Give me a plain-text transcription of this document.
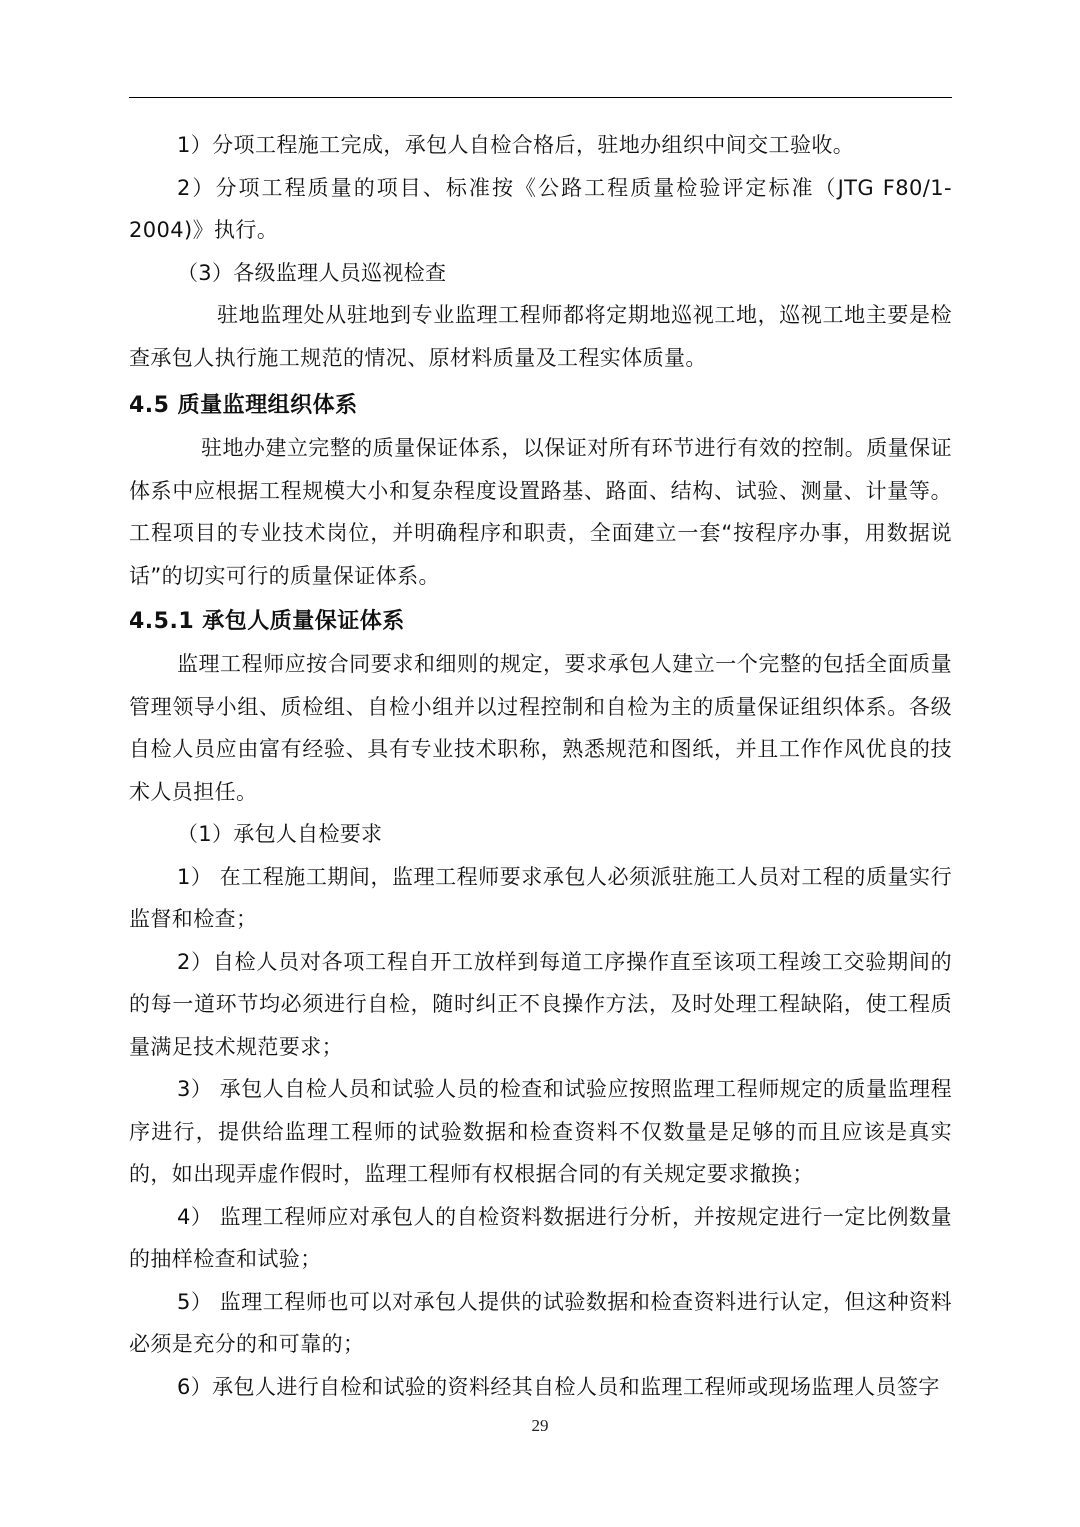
1）分项工程施工完成，承包人自检合格后，驻地办组织中间交工验收。

2）分项工程质量的项目、标准按《公路工程质量检验评定标准（JTG F80/1-2004)》执行。

（3）各级监理人员巡视检查

驻地监理处从驻地到专业监理工程师都将定期地巡视工地，巡视工地主要是检查承包人执行施工规范的情况、原材料质量及工程实体质量。

4.5 质量监理组织体系

驻地办建立完整的质量保证体系，以保证对所有环节进行有效的控制。质量保证体系中应根据工程规模大小和复杂程度设置路基、路面、结构、试验、测量、计量等。工程项目的专业技术岗位，并明确程序和职责，全面建立一套“按程序办事，用数据说话”的切实可行的质量保证体系。

4.5.1 承包人质量保证体系

监理工程师应按合同要求和细则的规定，要求承包人建立一个完整的包括全面质量管理领导小组、质检组、自检小组并以过程控制和自检为主的质量保证组织体系。各级自检人员应由富有经验、具有专业技术职称，熟悉规范和图纸，并且工作作风优良的技术人员担任。

（1）承包人自检要求

1） 在工程施工期间，监理工程师要求承包人必须派驻施工人员对工程的质量实行监督和检查；

2）自检人员对各项工程自开工放样到每道工序操作直至该项工程竣工交验期间的的每一道环节均必须进行自检，随时纠正不良操作方法，及时处理工程缺陷，使工程质量满足技术规范要求；

3） 承包人自检人员和试验人员的检查和试验应按照监理工程师规定的质量监理程序进行，提供给监理工程师的试验数据和检查资料不仅数量是足够的而且应该是真实的，如出现弄虚作假时，监理工程师有权根据合同的有关规定要求撤换；

4） 监理工程师应对承包人的自检资料数据进行分析，并按规定进行一定比例数量的抽样检查和试验；

5） 监理工程师也可以对承包人提供的试验数据和检查资料进行认定，但这种资料必须是充分的和可靠的；

6）承包人进行自检和试验的资料经其自检人员和监理工程师或现场监理人员签字

29
